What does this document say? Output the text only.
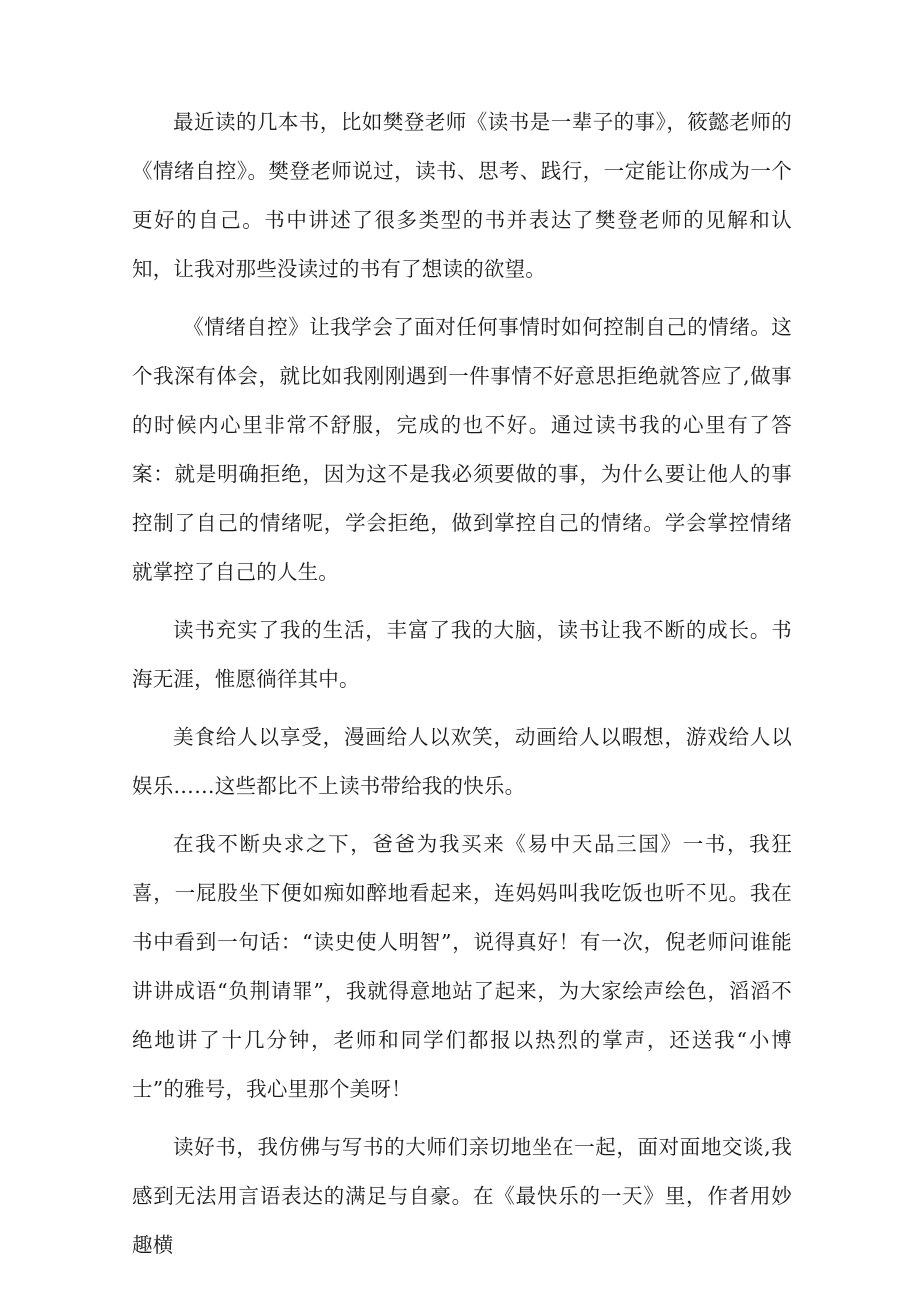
最近读的几本书，比如樊登老师《读书是一辈子的事》，筱懿老师的《情绪自控》。樊登老师说过，读书、思考、践行，一定能让你成为一个更好的自己。书中讲述了很多类型的书并表达了樊登老师的见解和认知，让我对那些没读过的书有了想读的欲望。

《情绪自控》让我学会了面对任何事情时如何控制自己的情绪。这个我深有体会，就比如我刚刚遇到一件事情不好意思拒绝就答应了,做事的时候内心里非常不舒服，完成的也不好。通过读书我的心里有了答案：就是明确拒绝，因为这不是我必须要做的事，为什么要让他人的事控制了自己的情绪呢，学会拒绝，做到掌控自己的情绪。学会掌控情绪就掌控了自己的人生。

读书充实了我的生活，丰富了我的大脑，读书让我不断的成长。书海无涯，惟愿徜徉其中。

美食给人以享受，漫画给人以欢笑，动画给人以暇想，游戏给人以娱乐……这些都比不上读书带给我的快乐。

在我不断央求之下，爸爸为我买来《易中天品三国》一书，我狂喜，一屁股坐下便如痴如醉地看起来，连妈妈叫我吃饭也听不见。我在书中看到一句话：“读史使人明智”，说得真好！有一次，倪老师问谁能讲讲成语“负荆请罪”，我就得意地站了起来，为大家绘声绘色，滔滔不绝地讲了十几分钟，老师和同学们都报以热烈的掌声，还送我“小博士”的雅号，我心里那个美呀！

读好书，我仿佛与写书的大师们亲切地坐在一起，面对面地交谈,我感到无法用言语表达的满足与自豪。在《最快乐的一天》里，作者用妙趣横
